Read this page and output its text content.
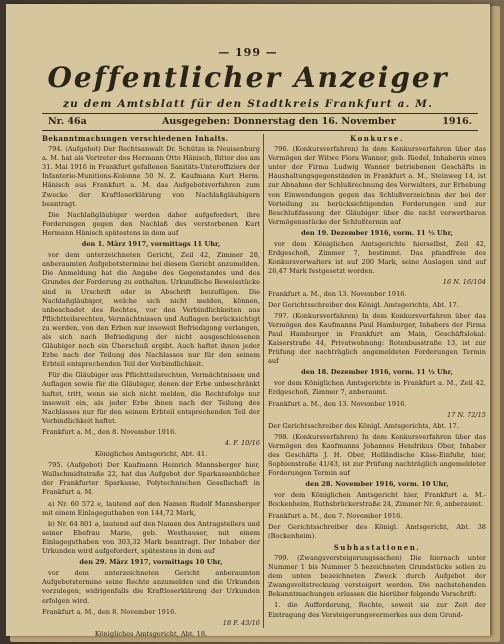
— 199 —
Oeffentlicher Anzeiger
zu dem Amtsblatt für den Stadtkreis Frankfurt a. M.
Nr. 46a	Ausgegeben: Donnerstag den 16. November	1916.
Bekanntmachungen verschiedenen Inhalts.

794. (Aufgebot) Der Rechtsanwalt Dr. Schütze in Neuisenburg a. M. hat als Vertreter des Hermann Otto Hänisch, Ritter des am 31. Mai 1916 in Frankfurt gefallenen Sanitäts-Unteroffiziers der Infanterie-Munitions-Kolonne 50 N. Z. Kaufmann Kurt Herm. Hänisch aus Frankfurt a. M. das Aufgebotsverfahren zum Zwecke der Kraftloserklärung von Nachlaßgläubigern beantragt.

Die Nachlaßgläubiger werden daher aufgefordert, ihre Forderungen gegen den Nachlaß des verstorbenen Kurt Hermann Hänisch spätestens in dem auf

den 1. März 1917, vormittags 11 Uhr,

vor dem unterzeichneten Gericht, Zeil 42, Zimmer 28, anberaumten Aufgebotstermine bei diesem Gericht anzumelden. Die Anmeldung hat die Angabe des Gegenstandes und des Grundes der Forderung zu enthalten. Urkundliche Beweisstücke sind in Urschrift oder in Abschrift beizufügen. Die Nachlaßgläubiger, welche sich nicht melden, können, unbeschadet des Rechtes, vor den Verbindlichkeiten aus Pflichtteilsrechten, Vermächtnissen und Auflagen berücksichtigt zu werden, von den Erben nur insoweit Befriedigung verlangen, als sich nach Befriedigung der nicht ausgeschlossenen Gläubiger noch ein Überschuß ergibt. Auch haftet ihnen jeder Erbe nach der Teilung des Nachlasses nur für den seinem Erbteil entsprechenden Teil der Verbindlichkeit.

Für die Gläubiger aus Pflichtteilsrechten, Vermächtnissen und Auflagen sowie für die Gläubiger, denen der Erbe unbeschränkt haftet, tritt, wenn sie sich nicht melden, die Rechtsfolge nur insoweit ein, als jeder Erbe ihnen nach der Teilung des Nachlasses nur für den seinem Erbteil entsprechenden Teil der Verbindlichkeit haftet.

Frankfurt a. M., den 8. November 1916.

4. F. 10/16

Königliches Amtsgericht, Abt. 41.

795. (Aufgebot) Der Kaufmann Heinrich Mannsberger hier, Wallschmidtstraße 22, hat das Aufgebot der Sparkassenbücher der Frankfurter Sparkasse, Polytechnischen Gesellschaft in Frankfurt a. M.

a) Nr. 60 572 e, lautend auf den Namen Rudolf Mannsberger mit einem Einlageguthaben von 144,72 Mark,

b) Nr. 64 801 a, lautend auf den Namen des Antragstellers und seiner Ehefrau Marie, geb. Westhauser, mit einem Einlageguthaben von 303,32 Mark beantragt. Der Inhaber der Urkunden wird aufgefordert, spätestens in dem auf

den 29. März 1917, vormittags 10 Uhr,

vor dem unterzeichneten Gericht anberaumten Aufgebotstermine seine Rechte anzumelden und die Urkunden vorzulegen, widrigenfalls die Kraftloserklärung der Urkunden erfolgen wird.

Frankfurt a. M., den 8. November 1916.

18 F. 43/16

Königliches Amtsgericht, Abt. 18.

Konkurse.

796. (Konkursverfahren) In dem Konkursverfahren über das Vermögen der Witwe Flora Wanner, geb. Riedel, Inhaberin eines unter der Firma Ludwig Wanner betriebenen Geschäfts in Haushaltungsgegenständen in Frankfurt a. M., Steinweg 14, ist zur Abnahme der Schlußrechnung des Verwalters, zur Erhebung von Einwendungen gegen das Schlußverzeichnis der bei der Verteilung zu berücksichtigenden Forderungen und zur Beschlußfassung der Gläubiger über die nicht verwertbaren Vermögensstücke der Schlußtermin auf

den 19. Dezember 1916, vorm. 11 ½ Uhr,

vor dem Königlichen Amtsgerichte hierselbst, Zeil 42, Erdgeschoß, Zimmer 7, bestimmt. Das pfandfreie des Konkursverwalters ist auf 200 Mark, seine Auslagen sind auf 26,47 Mark festgesetzt worden.

16 N. 16/104

Frankfurt a. M., den 13. November 1916.

Der Gerichtsschreiber des Königl. Amtsgerichts, Abt. 17.

797. (Konkursverfahren) In dem Konkursverfahren über das Vermögen des Kaufmanns Paul Hamburger, Inhabers der Firma Paul Hamburger in Frankfurt am Main, Geschäftslokal: Kaiserstraße 44, Privatwohnung: Rotenbusstraße 13, ist zur Prüfung der nachträglich angemeldeten Forderungen Termin auf

den 18. Dezember 1916, vorm. 11 ½ Uhr,

vor dem Königlichen Amtsgerichte in Frankfurt a. M., Zeil 42, Erdgeschoß, Zimmer 7, anberaumt.

Frankfurt a. M., den 13. November 1916.

17 N. 72/15

Der Gerichtsschreiber des Königl. Amtsgerichts, Abt. 17.

798. (Konkursverfahren) In dem Konkursverfahren über das Vermögen des Kaufmanns Johannes Hendrikus Ober, Inhaber des Geschäfts J. H. Ober, Holländische Käse-Einfuhr, hier, Sophienstraße 41/43, ist zur Prüfung nachträglich angemeldeter Forderungen Termin auf

den 28. November 1916, vorm. 10 Uhr,

vor dem Königlichen Amtsgericht hier, Frankfurt a. M.-Bockenheim, Ruthsbrückerstraße 24, Zimmer Nr. 6, anberaumt.

Frankfurt a. M., den 7. November 1916.

Der Gerichtsschreiber des Königl. Amtsgericht, Abt. 38 (Bockenheim).

Subhastationen.

799. (Zwangsversteigerungssachen) Die hiernach unter Nummer 1 bis Nummer 5 bezeichneten Grundstücke sollen zu dem unten bezeichneten Zweck durch Aufgebot der Zwangsvollstreckung versteigert werden. Die nachstehenden Bekanntmachungen erlassen die hierüber folgende Vorschrift:

1. die Aufforderung, Rechte, soweit sie zur Zeit der Eintragung des Versteigerungsvermerkes aus dem Grund-
